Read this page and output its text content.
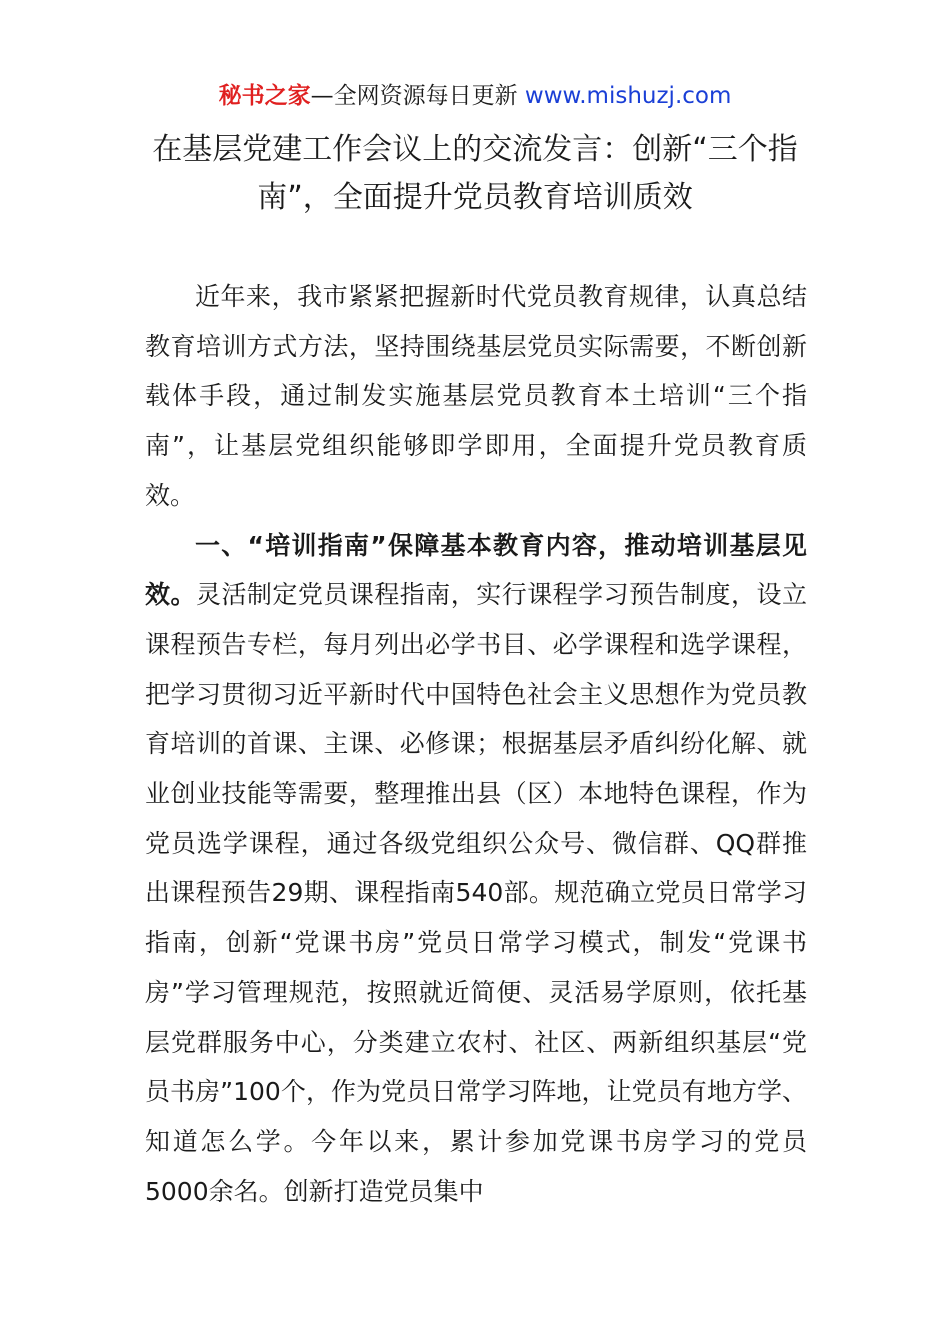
秘书之家—全网资源每日更新 www.mishuzj.com
在基层党建工作会议上的交流发言：创新“三个指南”，全面提升党员教育培训质效

近年来，我市紧紧把握新时代党员教育规律，认真总结教育培训方式方法，坚持围绕基层党员实际需要，不断创新载体手段，通过制发实施基层党员教育本土培训“三个指南”，让基层党组织能够即学即用，全面提升党员教育质效。

一、“培训指南”保障基本教育内容，推动培训基层见效。灵活制定党员课程指南，实行课程学习预告制度，设立课程预告专栏，每月列出必学书目、必学课程和选学课程，把学习贯彻习近平新时代中国特色社会主义思想作为党员教育培训的首课、主课、必修课；根据基层矛盾纠纷化解、就业创业技能等需要，整理推出县（区）本地特色课程，作为党员选学课程，通过各级党组织公众号、微信群、QQ群推出课程预告29期、课程指南540部。规范确立党员日常学习指南，创新“党课书房”党员日常学习模式，制发“党课书房”学习管理规范，按照就近简便、灵活易学原则，依托基层党群服务中心，分类建立农村、社区、两新组织基层“党员书房”100个，作为党员日常学习阵地，让党员有地方学、知道怎么学。今年以来，累计参加党课书房学习的党员5000余名。创新打造党员集中
